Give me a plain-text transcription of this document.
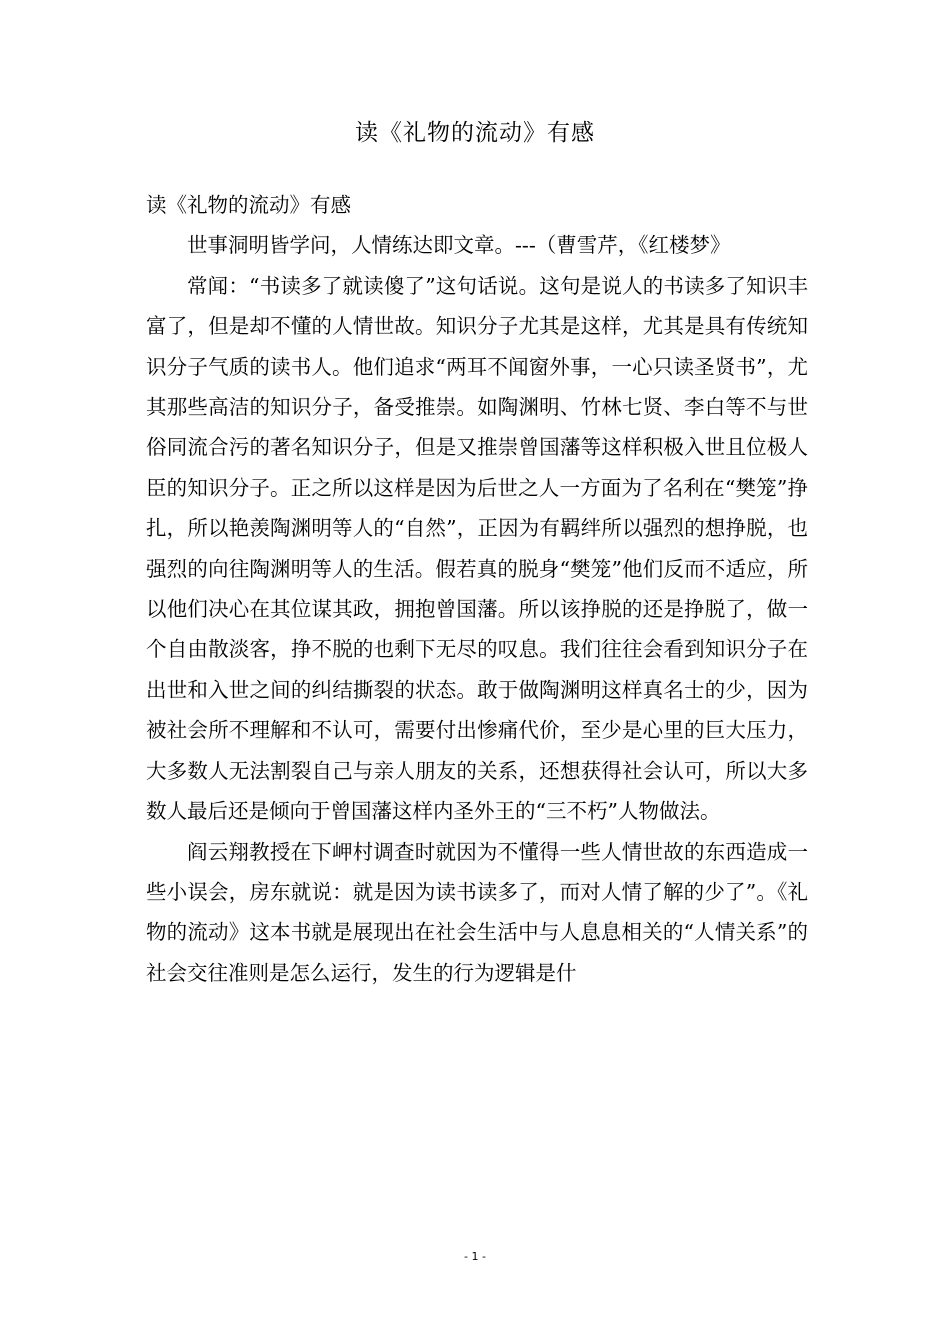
读《礼物的流动》有感

读《礼物的流动》有感

世事洞明皆学问，人情练达即文章。---（曹雪芹，《红楼梦》

常闻：“书读多了就读傻了”这句话说。这句是说人的书读多了知识丰富了，但是却不懂的人情世故。知识分子尤其是这样，尤其是具有传统知识分子气质的读书人。他们追求“两耳不闻窗外事，一心只读圣贤书”，尤其那些高洁的知识分子，备受推崇。如陶渊明、竹林七贤、李白等不与世俗同流合污的著名知识分子，但是又推崇曾国藩等这样积极入世且位极人臣的知识分子。正之所以这样是因为后世之人一方面为了名利在“樊笼”挣扎，所以艳羡陶渊明等人的“自然”，正因为有羁绊所以强烈的想挣脱，也强烈的向往陶渊明等人的生活。假若真的脱身“樊笼”他们反而不适应，所以他们决心在其位谋其政，拥抱曾国藩。所以该挣脱的还是挣脱了，做一个自由散淡客，挣不脱的也剩下无尽的叹息。我们往往会看到知识分子在出世和入世之间的纠结撕裂的状态。敢于做陶渊明这样真名士的少，因为被社会所不理解和不认可，需要付出惨痛代价，至少是心里的巨大压力，大多数人无法割裂自己与亲人朋友的关系，还想获得社会认可，所以大多数人最后还是倾向于曾国藩这样内圣外王的“三不朽”人物做法。

阎云翔教授在下岬村调查时就因为不懂得一些人情世故的东西造成一些小误会，房东就说：就是因为读书读多了，而对人情了解的少了”。《礼物的流动》这本书就是展现出在社会生活中与人息息相关的“人情关系”的社会交往准则是怎么运行，发生的行为逻辑是什

- 1 -
